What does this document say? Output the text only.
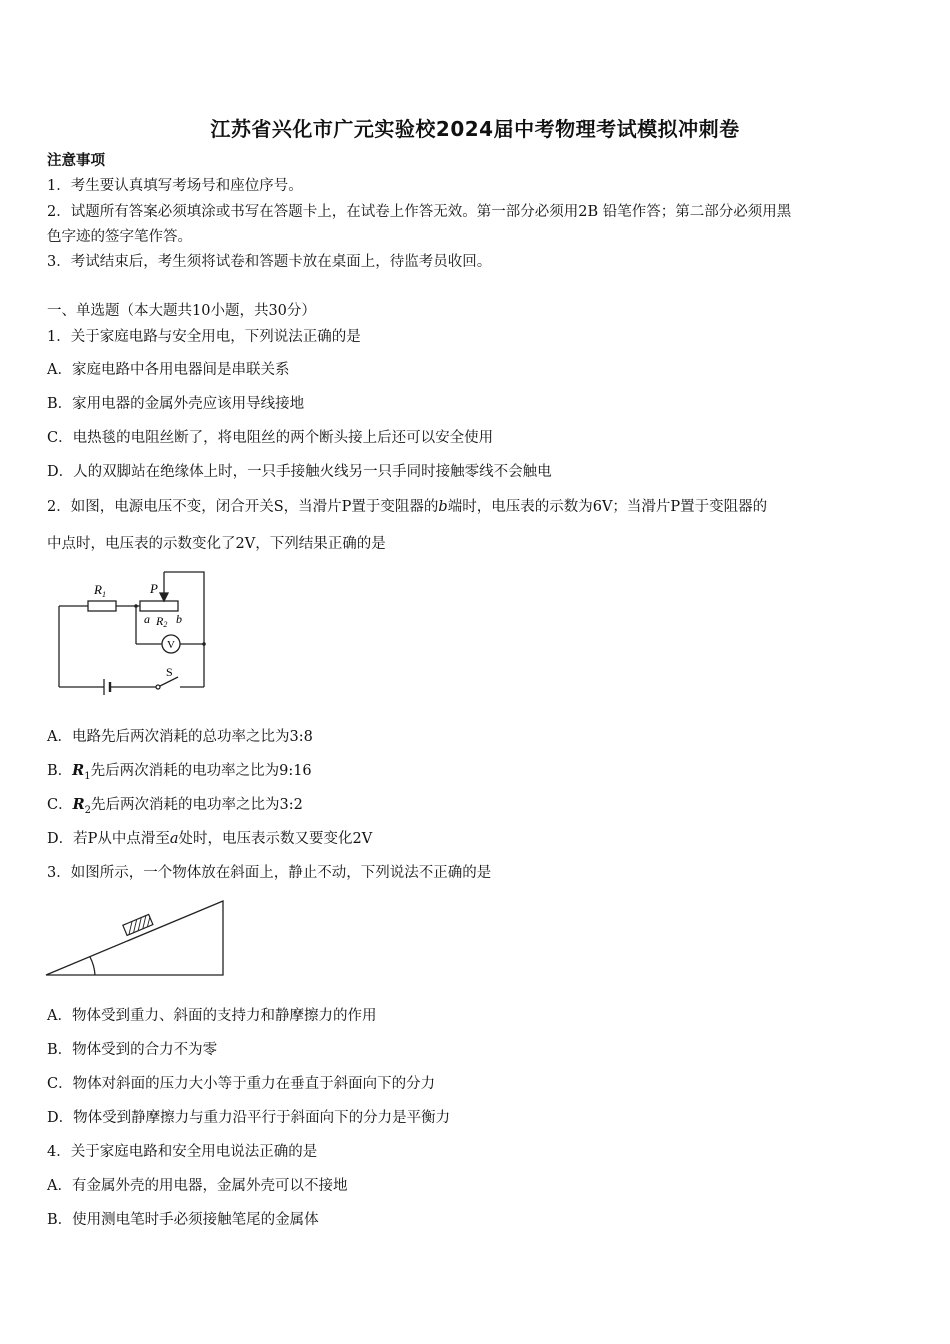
江苏省兴化市广元实验校2024届中考物理考试模拟冲刺卷
注意事项
1．考生要认真填写考场号和座位序号。
2．试题所有答案必须填涂或书写在答题卡上，在试卷上作答无效。第一部分必须用2B 铅笔作答；第二部分必须用黑
色字迹的签字笔作答。
3．考试结束后，考生须将试卷和答题卡放在桌面上，待监考员收回。
一、单选题（本大题共10小题，共30分）
1．关于家庭电路与安全用电，下列说法正确的是
A．家庭电路中各用电器间是串联关系
B．家用电器的金属外壳应该用导线接地
C．电热毯的电阻丝断了，将电阻丝的两个断头接上后还可以安全使用
D．人的双脚站在绝缘体上时，一只手接触火线另一只手同时接触零线不会触电
2．如图，电源电压不变，闭合开关S，当滑片P置于变阻器的b端时，电压表的示数为6V；当滑片P置于变阻器的
中点时，电压表的示数变化了2V，下列结果正确的是
$R_1$	P
a R2 b
V
S
A．电路先后两次消耗的总功率之比为3:8
B．$R_1$先后两次消耗的电功率之比为9:16
C．$R_2$先后两次消耗的电功率之比为3:2
D．若P从中点滑至a处时，电压表示数又要变化2V
3．如图所示，一个物体放在斜面上，静止不动，下列说法不正确的是
A．物体受到重力、斜面的支持力和静摩擦力的作用
B．物体受到的合力不为零
C．物体对斜面的压力大小等于重力在垂直于斜面向下的分力
D．物体受到静摩擦力与重力沿平行于斜面向下的分力是平衡力
4．关于家庭电路和安全用电说法正确的是
A．有金属外壳的用电器，金属外壳可以不接地
B．使用测电笔时手必须接触笔尾的金属体
